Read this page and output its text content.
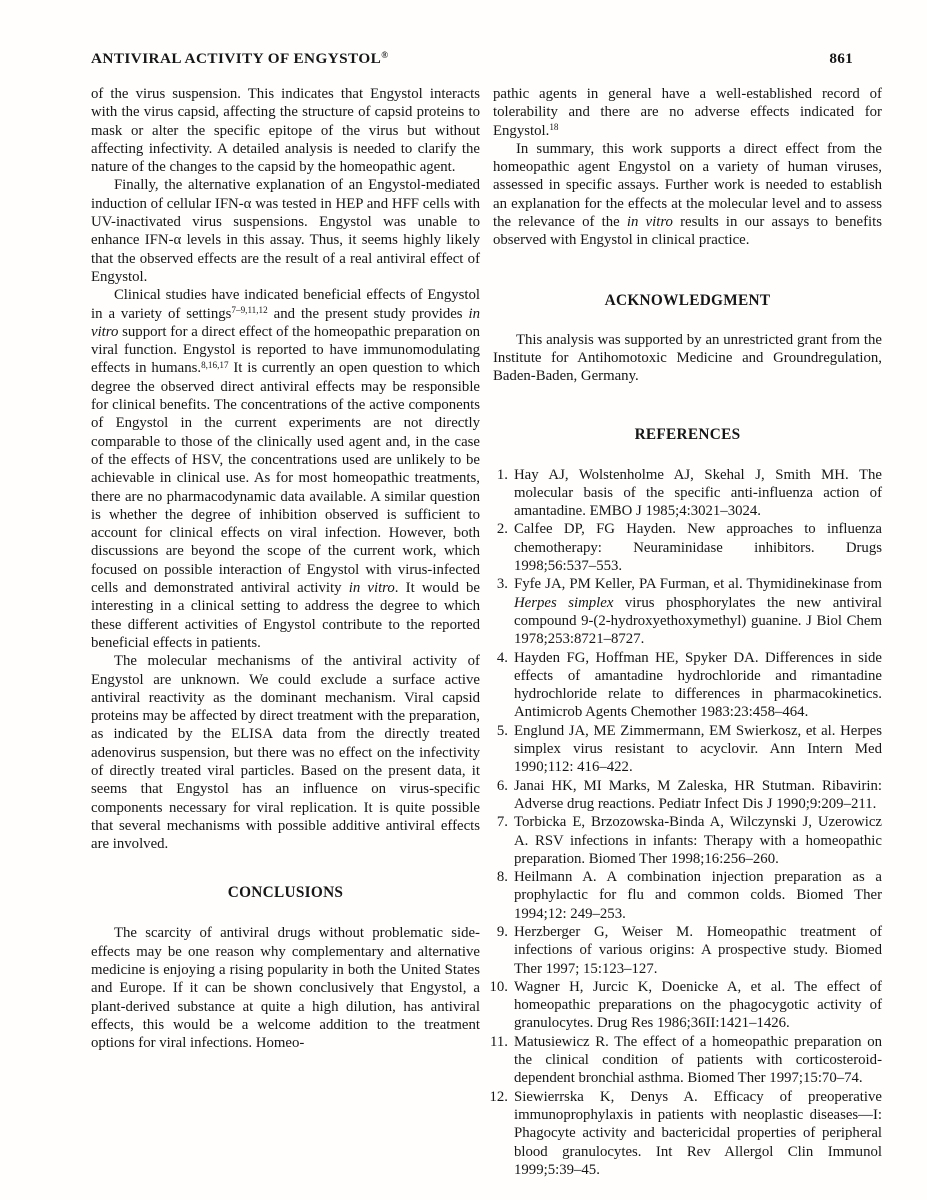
ANTIVIRAL ACTIVITY OF ENGYSTOL®	861

of the virus suspension. This indicates that Engystol interacts with the virus capsid, affecting the structure of capsid proteins to mask or alter the specific epitope of the virus but without affecting infectivity. A detailed analysis is needed to clarify the nature of the changes to the capsid by the homeopathic agent.

Finally, the alternative explanation of an Engystol-mediated induction of cellular IFN-α was tested in HEP and HFF cells with UV-inactivated virus suspensions. Engystol was unable to enhance IFN-α levels in this assay. Thus, it seems highly likely that the observed effects are the result of a real antiviral effect of Engystol.

Clinical studies have indicated beneficial effects of Engystol in a variety of settings$^{7-9,11,12}$ and the present study provides in vitro support for a direct effect of the homeopathic preparation on viral function. Engystol is reported to have immunomodulating effects in humans.$^{8,16,17}$ It is currently an open question to which degree the observed direct antiviral effects may be responsible for clinical benefits. The concentrations of the active components of Engystol in the current experiments are not directly comparable to those of the clinically used agent and, in the case of the effects of HSV, the concentrations used are unlikely to be achievable in clinical use. As for most homeopathic treatments, there are no pharmacodynamic data available. A similar question is whether the degree of inhibition observed is sufficient to account for clinical effects on viral infection. However, both discussions are beyond the scope of the current work, which focused on possible interaction of Engystol with virus-infected cells and demonstrated antiviral activity in vitro. It would be interesting in a clinical setting to address the degree to which these different activities of Engystol contribute to the reported beneficial effects in patients.

The molecular mechanisms of the antiviral activity of Engystol are unknown. We could exclude a surface active antiviral reactivity as the dominant mechanism. Viral capsid proteins may be affected by direct treatment with the preparation, as indicated by the ELISA data from the directly treated adenovirus suspension, but there was no effect on the infectivity of directly treated viral particles. Based on the present data, it seems that Engystol has an influence on virus-specific components necessary for viral replication. It is quite possible that several mechanisms with possible additive antiviral effects are involved.

CONCLUSIONS

The scarcity of antiviral drugs without problematic side-effects may be one reason why complementary and alternative medicine is enjoying a rising popularity in both the United States and Europe. If it can be shown conclusively that Engystol, a plant-derived substance at quite a high dilution, has antiviral effects, this would be a welcome addition to the treatment options for viral infections. Homeo-

pathic agents in general have a well-established record of tolerability and there are no adverse effects indicated for Engystol.$^{18}$

In summary, this work supports a direct effect from the homeopathic agent Engystol on a variety of human viruses, assessed in specific assays. Further work is needed to establish an explanation for the effects at the molecular level and to assess the relevance of the in vitro results in our assays to benefits observed with Engystol in clinical practice.

ACKNOWLEDGMENT

This analysis was supported by an unrestricted grant from the Institute for Antihomotoxic Medicine and Groundregulation, Baden-Baden, Germany.

REFERENCES
1. Hay AJ, Wolstenholme AJ, Skehal J, Smith MH. The molecular basis of the specific anti-influenza action of amantadine. EMBO J 1985;4:3021–3024.
2. Calfee DP, FG Hayden. New approaches to influenza chemotherapy: Neuraminidase inhibitors. Drugs 1998;56:537–553.
3. Fyfe JA, PM Keller, PA Furman, et al. Thymidinekinase from Herpes simplex virus phosphorylates the new antiviral compound 9-(2-hydroxyethoxymethyl) guanine. J Biol Chem 1978;253:8721–8727.
4. Hayden FG, Hoffman HE, Spyker DA. Differences in side effects of amantadine hydrochloride and rimantadine hydrochloride relate to differences in pharmacokinetics. Antimicrob Agents Chemother 1983:23:458–464.
5. Englund JA, ME Zimmermann, EM Swierkosz, et al. Herpes simplex virus resistant to acyclovir. Ann Intern Med 1990;112: 416–422.
6. Janai HK, MI Marks, M Zaleska, HR Stutman. Ribavirin: Adverse drug reactions. Pediatr Infect Dis J 1990;9:209–211.
7. Torbicka E, Brzozowska-Binda A, Wilczynski J, Uzerowicz A. RSV infections in infants: Therapy with a homeopathic preparation. Biomed Ther 1998;16:256–260.
8. Heilmann A. A combination injection preparation as a prophylactic for flu and common colds. Biomed Ther 1994;12: 249–253.
9. Herzberger G, Weiser M. Homeopathic treatment of infections of various origins: A prospective study. Biomed Ther 1997; 15:123–127.
10. Wagner H, Jurcic K, Doenicke A, et al. The effect of homeopathic preparations on the phagocygotic activity of granulocytes. Drug Res 1986;36II:1421–1426.
11. Matusiewicz R. The effect of a homeopathic preparation on the clinical condition of patients with corticosteroid-dependent bronchial asthma. Biomed Ther 1997;15:70–74.
12. Siewierrska K, Denys A. Efficacy of preoperative immunoprophylaxis in patients with neoplastic diseases—I: Phagocyte activity and bactericidal properties of peripheral blood granulocytes. Int Rev Allergol Clin Immunol 1999;5:39–45.
